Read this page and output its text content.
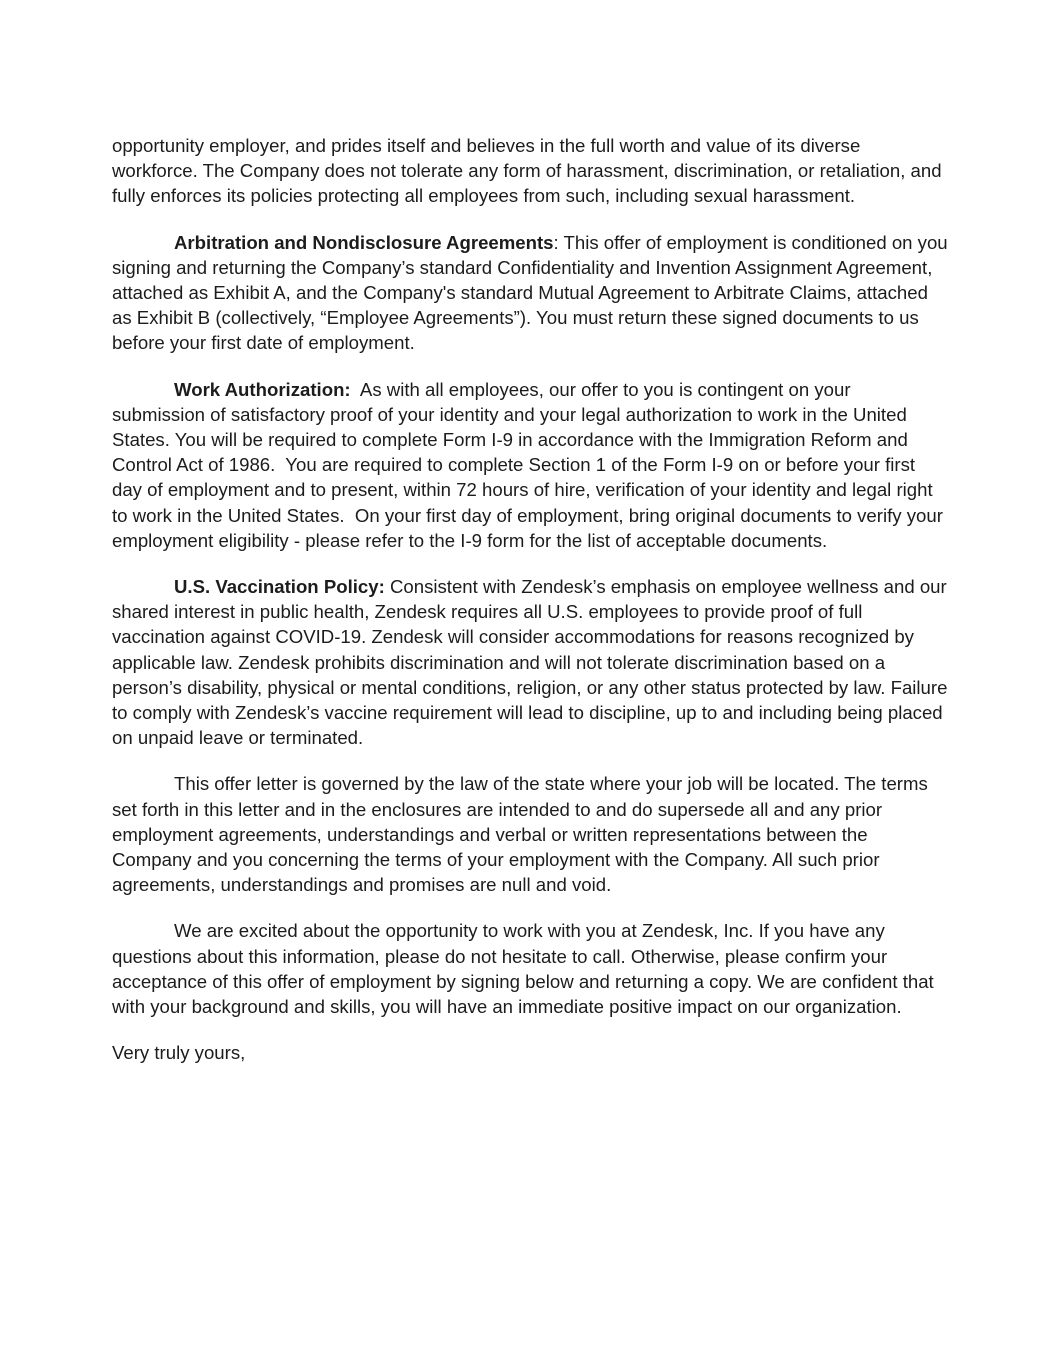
opportunity employer, and prides itself and believes in the full worth and value of its diverse workforce. The Company does not tolerate any form of harassment, discrimination, or retaliation, and fully enforces its policies protecting all employees from such, including sexual harassment.

Arbitration and Nondisclosure Agreements: This offer of employment is conditioned on you signing and returning the Company’s standard Confidentiality and Invention Assignment Agreement, attached as Exhibit A, and the Company's standard Mutual Agreement to Arbitrate Claims, attached as Exhibit B (collectively, “Employee Agreements”). You must return these signed documents to us before your first date of employment.

Work Authorization:  As with all employees, our offer to you is contingent on your submission of satisfactory proof of your identity and your legal authorization to work in the United States. You will be required to complete Form I-9 in accordance with the Immigration Reform and Control Act of 1986.  You are required to complete Section 1 of the Form I-9 on or before your first day of employment and to present, within 72 hours of hire, verification of your identity and legal right to work in the United States.  On your first day of employment, bring original documents to verify your employment eligibility - please refer to the I-9 form for the list of acceptable documents.

U.S. Vaccination Policy: Consistent with Zendesk’s emphasis on employee wellness and our shared interest in public health, Zendesk requires all U.S. employees to provide proof of full vaccination against COVID-19. Zendesk will consider accommodations for reasons recognized by applicable law. Zendesk prohibits discrimination and will not tolerate discrimination based on a person’s disability, physical or mental conditions, religion, or any other status protected by law. Failure to comply with Zendesk’s vaccine requirement will lead to discipline, up to and including being placed on unpaid leave or terminated.

This offer letter is governed by the law of the state where your job will be located. The terms set forth in this letter and in the enclosures are intended to and do supersede all and any prior employment agreements, understandings and verbal or written representations between the Company and you concerning the terms of your employment with the Company. All such prior agreements, understandings and promises are null and void.

We are excited about the opportunity to work with you at Zendesk, Inc. If you have any questions about this information, please do not hesitate to call. Otherwise, please confirm your acceptance of this offer of employment by signing below and returning a copy. We are confident that with your background and skills, you will have an immediate positive impact on our organization.

Very truly yours,
